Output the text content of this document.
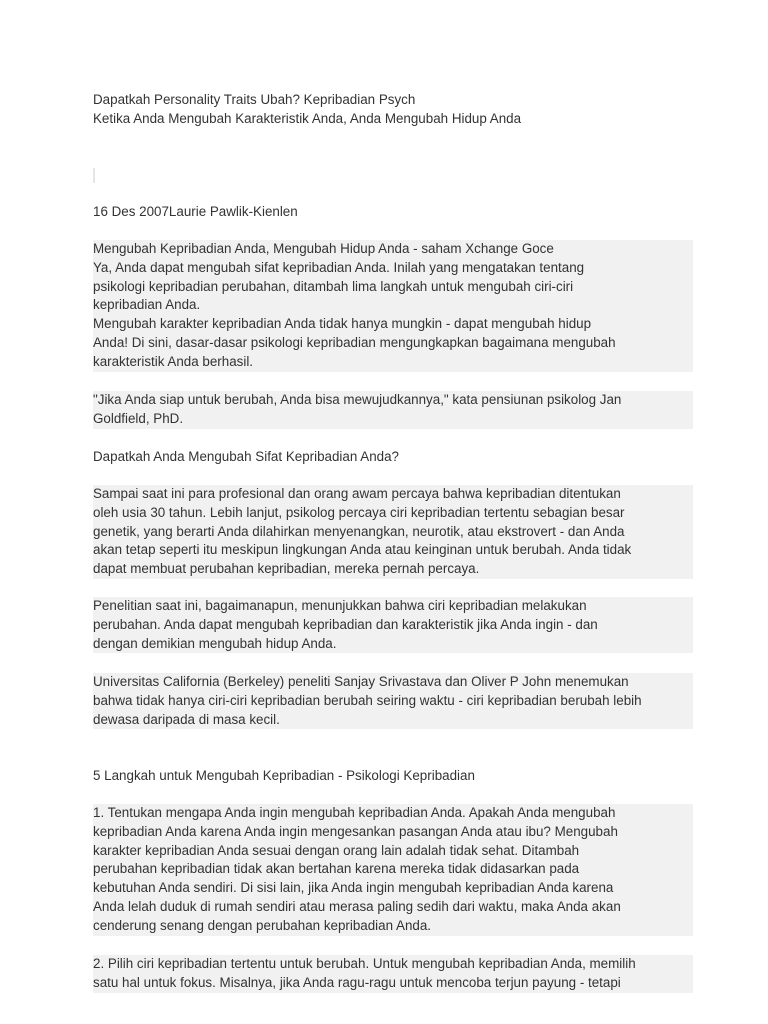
Dapatkah Personality Traits Ubah? Kepribadian Psych
Ketika Anda Mengubah Karakteristik Anda, Anda Mengubah Hidup Anda
16 Des 2007Laurie Pawlik-Kienlen
Mengubah Kepribadian Anda, Mengubah Hidup Anda - saham Xchange Goce
Ya, Anda dapat mengubah sifat kepribadian Anda. Inilah yang mengatakan tentang
psikologi kepribadian perubahan, ditambah lima langkah untuk mengubah ciri-ciri
kepribadian Anda.
Mengubah karakter kepribadian Anda tidak hanya mungkin - dapat mengubah hidup
Anda! Di sini, dasar-dasar psikologi kepribadian mengungkapkan bagaimana mengubah
karakteristik Anda berhasil.
"Jika Anda siap untuk berubah, Anda bisa mewujudkannya," kata pensiunan psikolog Jan
Goldfield, PhD.
Dapatkah Anda Mengubah Sifat Kepribadian Anda?
Sampai saat ini para profesional dan orang awam percaya bahwa kepribadian ditentukan
oleh usia 30 tahun. Lebih lanjut, psikolog percaya ciri kepribadian tertentu sebagian besar
genetik, yang berarti Anda dilahirkan menyenangkan, neurotik, atau ekstrovert - dan Anda
akan tetap seperti itu meskipun lingkungan Anda atau keinginan untuk berubah. Anda tidak
dapat membuat perubahan kepribadian, mereka pernah percaya.
Penelitian saat ini, bagaimanapun, menunjukkan bahwa ciri kepribadian melakukan
perubahan. Anda dapat mengubah kepribadian dan karakteristik jika Anda ingin - dan
dengan demikian mengubah hidup Anda.
Universitas California (Berkeley) peneliti Sanjay Srivastava dan Oliver P John menemukan
bahwa tidak hanya ciri-ciri kepribadian berubah seiring waktu - ciri kepribadian berubah lebih
dewasa daripada di masa kecil.
5 Langkah untuk Mengubah Kepribadian - Psikologi Kepribadian
1. Tentukan mengapa Anda ingin mengubah kepribadian Anda. Apakah Anda mengubah
kepribadian Anda karena Anda ingin mengesankan pasangan Anda atau ibu? Mengubah
karakter kepribadian Anda sesuai dengan orang lain adalah tidak sehat. Ditambah
perubahan kepribadian tidak akan bertahan karena mereka tidak didasarkan pada
kebutuhan Anda sendiri. Di sisi lain, jika Anda ingin mengubah kepribadian Anda karena
Anda lelah duduk di rumah sendiri atau merasa paling sedih dari waktu, maka Anda akan
cenderung senang dengan perubahan kepribadian Anda.
2. Pilih ciri kepribadian tertentu untuk berubah. Untuk mengubah kepribadian Anda, memilih
satu hal untuk fokus. Misalnya, jika Anda ragu-ragu untuk mencoba terjun payung - tetapi
